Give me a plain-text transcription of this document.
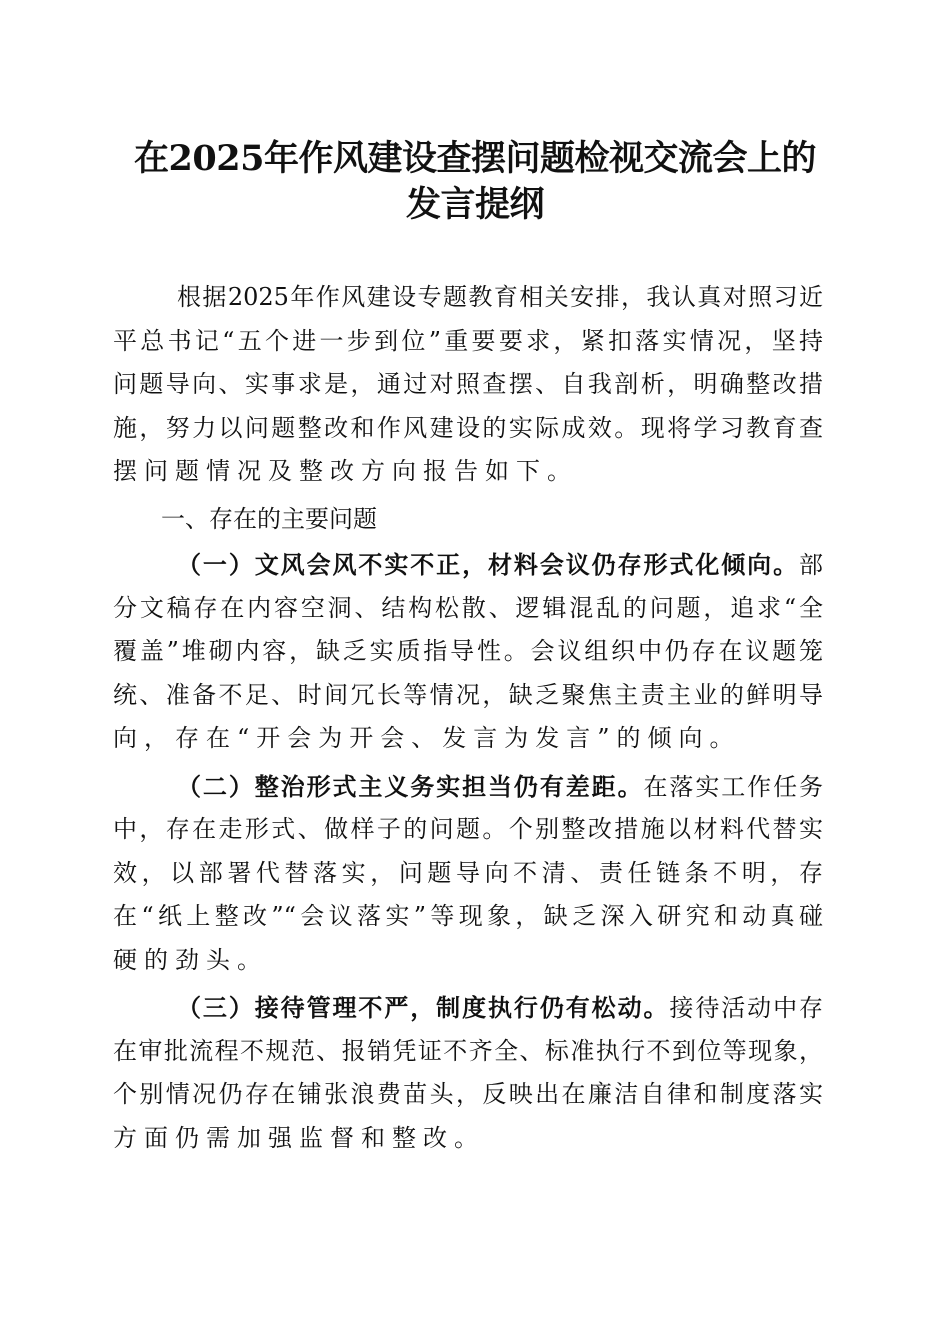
在2025年作风建设查摆问题检视交流会上的
发言提纲
根据2025年作风建设专题教育相关安排，我认真对照习近
平总书记“五个进一步到位”重要要求，紧扣落实情况，坚持
问题导向、实事求是，通过对照查摆、自我剖析，明确整改措
施，努力以问题整改和作风建设的实际成效。现将学习教育查
摆问题情况及整改方向报告如下。
一、存在的主要问题
（一）文风会风不实不正，材料会议仍存形式化倾向。部
分文稿存在内容空洞、结构松散、逻辑混乱的问题，追求“全
覆盖”堆砌内容，缺乏实质指导性。会议组织中仍存在议题笼
统、准备不足、时间冗长等情况，缺乏聚焦主责主业的鲜明导
向，存在“开会为开会、发言为发言”的倾向。
（二）整治形式主义务实担当仍有差距。在落实工作任务
中，存在走形式、做样子的问题。个别整改措施以材料代替实
效，以部署代替落实，问题导向不清、责任链条不明，存
在“纸上整改”“会议落实”等现象，缺乏深入研究和动真碰
硬的劲头。
（三）接待管理不严，制度执行仍有松动。接待活动中存
在审批流程不规范、报销凭证不齐全、标准执行不到位等现象，
个别情况仍存在铺张浪费苗头，反映出在廉洁自律和制度落实
方面仍需加强监督和整改。
